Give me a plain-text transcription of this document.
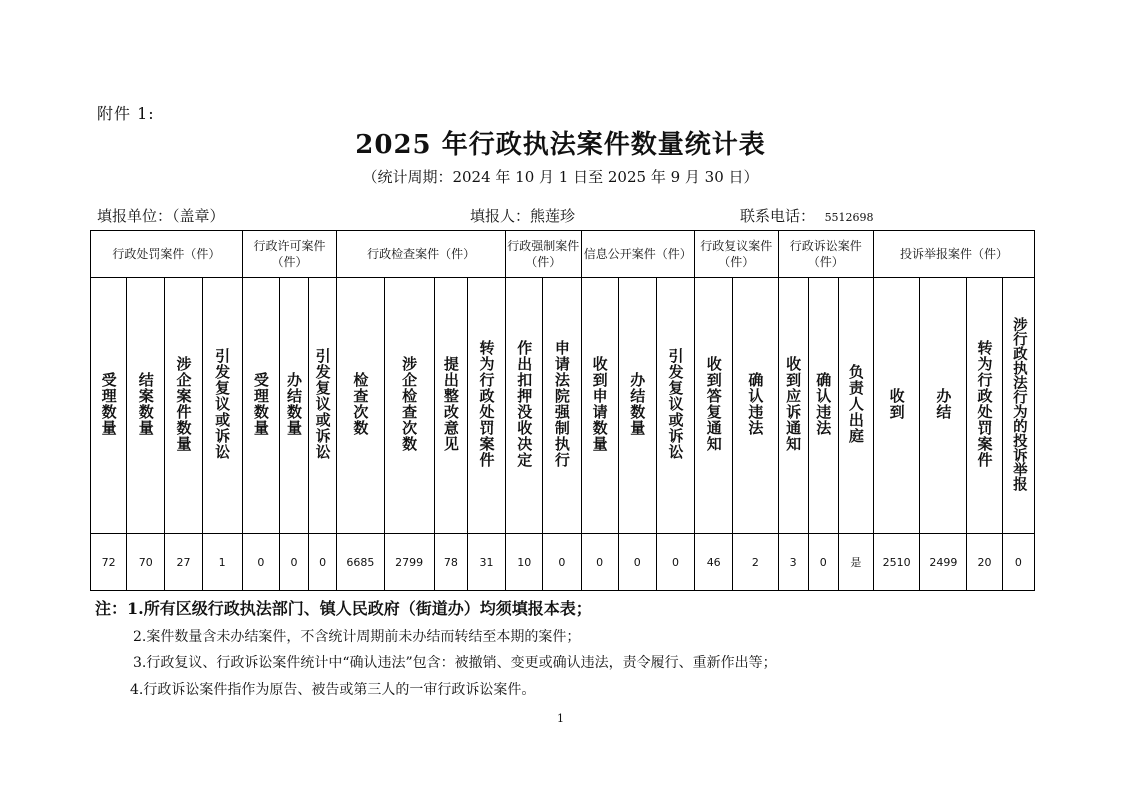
附件 1:
2025 年行政执法案件数量统计表
（统计周期：2024 年 10 月 1 日至 2025 年 9 月 30 日）
填报单位：（盖章）	填报人：熊莲珍	联系电话： 5512698
行政处罚案件（件）				行政许可案件（件）			行政检查案件（件）				行政强制案件（件）		信息公开案件（件）			行政复议案件（件）		行政诉讼案件（件）			投诉举报案件（件）			
受理数量	结案数量	涉企案件数量	引发复议或诉讼	受理数量	办结数量	引发复议或诉讼	检查次数	涉企检查次数	提出整改意见	转为行政处罚案件	作出扣押没收决定	申请法院强制执行	收到申请数量	办结数量	引发复议或诉讼	收到答复通知	确认违法	收到应诉通知	确认违法	负责人出庭	收到	办结	转为行政处罚案件	涉行政执法行为的投诉举报
72	70	27	1	0	0	0	6685	2799	78	31	10	0	0	0	0	46	2	3	0	是	2510	2499	20	0
注：1.所有区级行政执法部门、镇人民政府（街道办）均须填报本表；
2.案件数量含未办结案件，不含统计周期前未办结而转结至本期的案件；
3.行政复议、行政诉讼案件统计中“确认违法”包含：被撤销、变更或确认违法，责令履行、重新作出等；
4.行政诉讼案件指作为原告、被告或第三人的一审行政诉讼案件。
1
